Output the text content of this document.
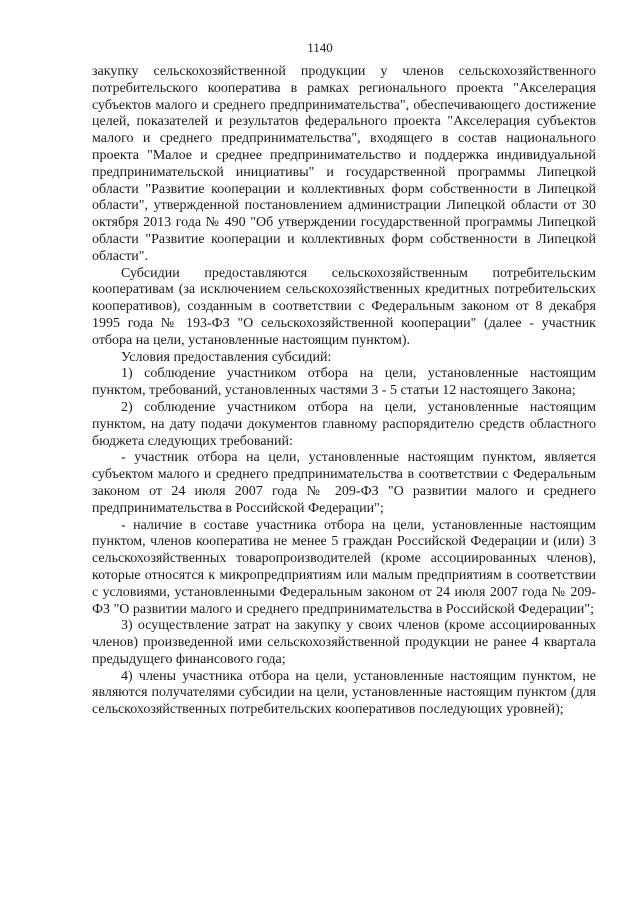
1140

закупку сельскохозяйственной продукции у членов сельскохозяйственного потребительского кооператива в рамках регионального проекта "Акселерация субъектов малого и среднего предпринимательства", обеспечивающего достижение целей, показателей и результатов федерального проекта "Акселерация субъектов малого и среднего предпринимательства", входящего в состав национального проекта "Малое и среднее предпринимательство и поддержка индивидуальной предпринимательской инициативы" и государственной программы Липецкой области "Развитие кооперации и коллективных форм собственности в Липецкой области", утвержденной постановлением администрации Липецкой области от 30 октября 2013 года № 490 "Об утверждении государственной программы Липецкой области "Развитие кооперации и коллективных форм собственности в Липецкой области".

Субсидии предоставляются сельскохозяйственным потребительским кооперативам (за исключением сельскохозяйственных кредитных потребительских кооперативов), созданным в соответствии с Федеральным законом от 8 декабря 1995 года № 193-ФЗ "О сельскохозяйственной кооперации" (далее - участник отбора на цели, установленные настоящим пунктом).

Условия предоставления субсидий:

1) соблюдение участником отбора на цели, установленные настоящим пунктом, требований, установленных частями 3 - 5 статьи 12 настоящего Закона;

2) соблюдение участником отбора на цели, установленные настоящим пунктом, на дату подачи документов главному распорядителю средств областного бюджета следующих требований:

- участник отбора на цели, установленные настоящим пунктом, является субъектом малого и среднего предпринимательства в соответствии с Федеральным законом от 24 июля 2007 года № 209-ФЗ "О развитии малого и среднего предпринимательства в Российской Федерации";

- наличие в составе участника отбора на цели, установленные настоящим пунктом, членов кооператива не менее 5 граждан Российской Федерации и (или) 3 сельскохозяйственных товаропроизводителей (кроме ассоциированных членов), которые относятся к микропредприятиям или малым предприятиям в соответствии с условиями, установленными Федеральным законом от 24 июля 2007 года № 209-ФЗ "О развитии малого и среднего предпринимательства в Российской Федерации";

3) осуществление затрат на закупку у своих членов (кроме ассоциированных членов) произведенной ими сельскохозяйственной продукции не ранее 4 квартала предыдущего финансового года;

4) члены участника отбора на цели, установленные настоящим пунктом, не являются получателями субсидии на цели, установленные настоящим пунктом (для сельскохозяйственных потребительских кооперативов последующих уровней);
